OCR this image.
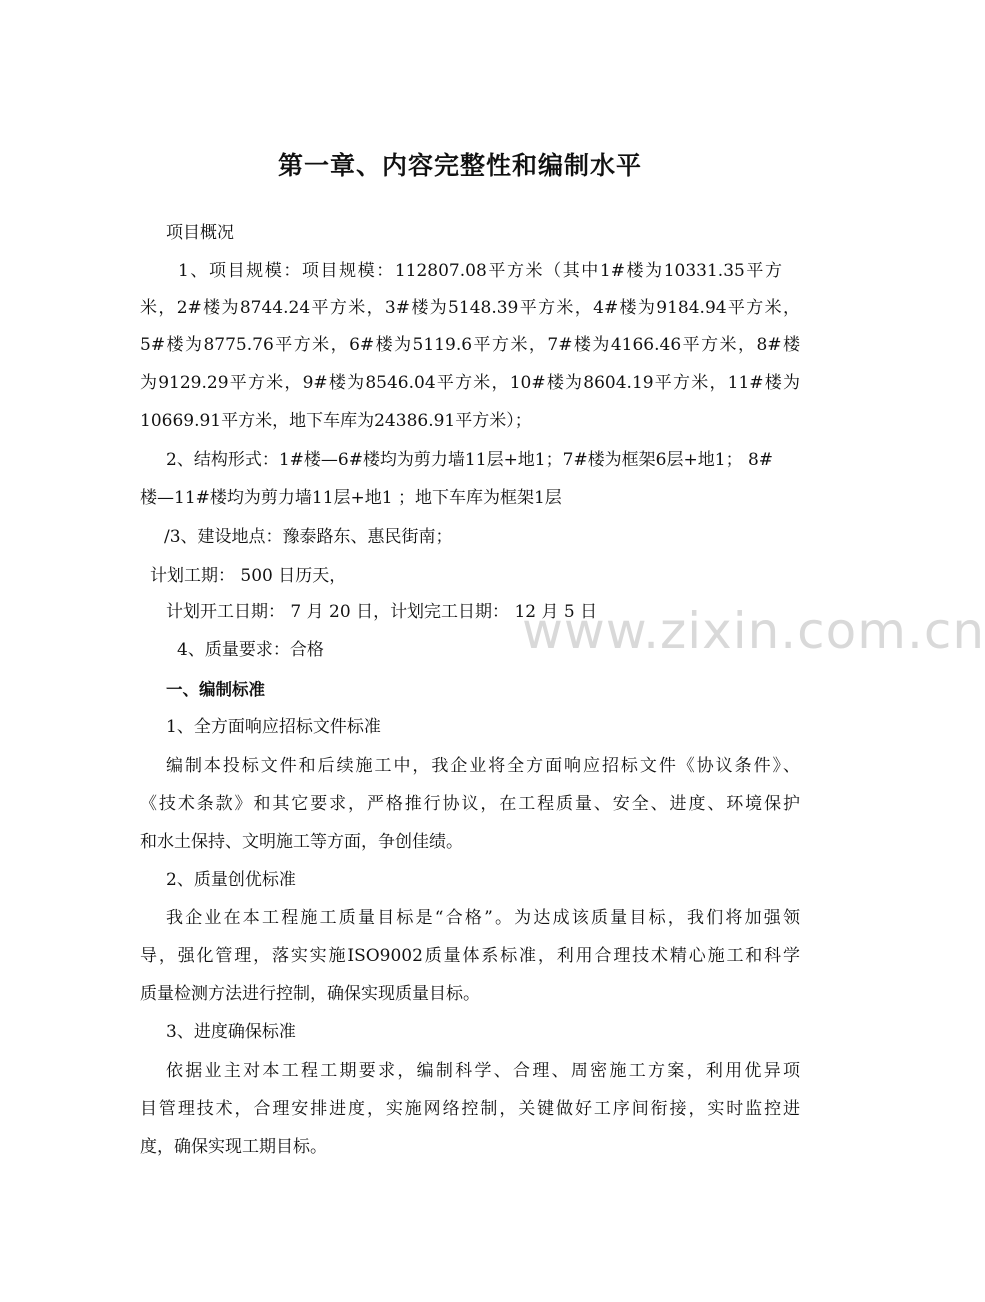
第一章、内容完整性和编制水平
项目概况
1、项目规模：项目规模：112807.08平方米（其中1#楼为10331.35平方
米，2#楼为8744.24平方米，3#楼为5148.39平方米，4#楼为9184.94平方米，
5#楼为8775.76平方米，6#楼为5119.6平方米，7#楼为4166.46平方米，8#楼
为9129.29平方米，9#楼为8546.04平方米，10#楼为8604.19平方米，11#楼为
10669.91平方米，地下车库为24386.91平方米）；
2、结构形式：1#楼—6#楼均为剪力墙11层+地1；7#楼为框架6层+地1； 8#
楼—11#楼均为剪力墙11层+地1 ；地下车库为框架1层
/3、建设地点：豫泰路东、惠民街南；
计划工期： 500 日历天，
计划开工日期： 7 月 20 日，计划完工日期： 12 月 5 日
4、质量要求：合格
一、编制标准
1、全方面响应招标文件标准
编制本投标文件和后续施工中，我企业将全方面响应招标文件《协议条件》、
《技术条款》和其它要求，严格推行协议，在工程质量、安全、进度、环境保护
和水土保持、文明施工等方面，争创佳绩。
2、质量创优标准
我企业在本工程施工质量目标是“合格”。为达成该质量目标，我们将加强领
导，强化管理，落实实施ISO9002质量体系标准，利用合理技术精心施工和科学
质量检测方法进行控制，确保实现质量目标。
3、进度确保标准
依据业主对本工程工期要求，编制科学、合理、周密施工方案，利用优异项
目管理技术，合理安排进度，实施网络控制，关键做好工序间衔接，实时监控进
度，确保实现工期目标。
www.zixin.com.cn
